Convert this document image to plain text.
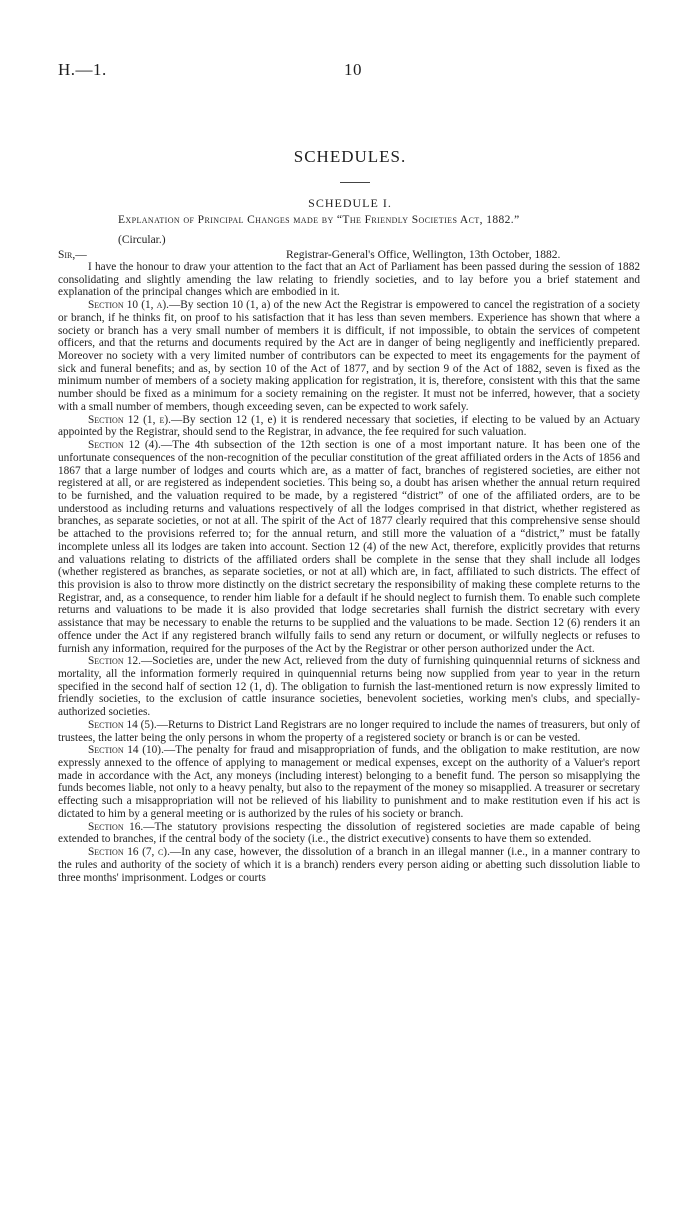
H.—1.	10
SCHEDULES.
SCHEDULE I.
Explanation of Principal Changes made by “The Friendly Societies Act, 1882.”
(Circular.)
Sir,—	Registrar-General's Office, Wellington, 13th October, 1882.

I have the honour to draw your attention to the fact that an Act of Parliament has been passed during the session of 1882 consolidating and slightly amending the law relating to friendly societies, and to lay before you a brief statement and explanation of the principal changes which are embodied in it.

Section 10 (1, a).—By section 10 (1, a) of the new Act the Registrar is empowered to cancel the registration of a society or branch, if he thinks fit, on proof to his satisfaction that it has less than seven members. Experience has shown that where a society or branch has a very small number of members it is difficult, if not impossible, to obtain the services of competent officers, and that the returns and documents required by the Act are in danger of being negligently and inefficiently prepared. Moreover no society with a very limited number of contributors can be expected to meet its engagements for the payment of sick and funeral benefits; and as, by section 10 of the Act of 1877, and by section 9 of the Act of 1882, seven is fixed as the minimum number of members of a society making application for registration, it is, therefore, consistent with this that the same number should be fixed as a minimum for a society remaining on the register. It must not be inferred, however, that a society with a small number of members, though exceeding seven, can be expected to work safely.

Section 12 (1, e).—By section 12 (1, e) it is rendered necessary that societies, if electing to be valued by an Actuary appointed by the Registrar, should send to the Registrar, in advance, the fee required for such valuation.

Section 12 (4).—The 4th subsection of the 12th section is one of a most important nature. It has been one of the unfortunate consequences of the non-recognition of the peculiar constitution of the great affiliated orders in the Acts of 1856 and 1867 that a large number of lodges and courts which are, as a matter of fact, branches of registered societies, are either not registered at all, or are registered as independent societies. This being so, a doubt has arisen whether the annual return required to be furnished, and the valuation required to be made, by a registered “district” of one of the affiliated orders, are to be understood as including returns and valuations respectively of all the lodges comprised in that district, whether registered as branches, as separate societies, or not at all. The spirit of the Act of 1877 clearly required that this comprehensive sense should be attached to the provisions referred to; for the annual return, and still more the valuation of a “district,” must be fatally incomplete unless all its lodges are taken into account. Section 12 (4) of the new Act, therefore, explicitly provides that returns and valuations relating to districts of the affiliated orders shall be complete in the sense that they shall include all lodges (whether registered as branches, as separate societies, or not at all) which are, in fact, affiliated to such districts. The effect of this provision is also to throw more distinctly on the district secretary the responsibility of making these complete returns to the Registrar, and, as a consequence, to render him liable for a default if he should neglect to furnish them. To enable such complete returns and valuations to be made it is also provided that lodge secretaries shall furnish the district secretary with every assistance that may be necessary to enable the returns to be supplied and the valuations to be made. Section 12 (6) renders it an offence under the Act if any registered branch wilfully fails to send any return or document, or wilfully neglects or refuses to furnish any information, required for the purposes of the Act by the Registrar or other person authorized under the Act.

Section 12.—Societies are, under the new Act, relieved from the duty of furnishing quinquennial returns of sickness and mortality, all the information formerly required in quinquennial returns being now supplied from year to year in the return specified in the second half of section 12 (1, d). The obligation to furnish the last-mentioned return is now expressly limited to friendly societies, to the exclusion of cattle insurance societies, benevolent societies, working men's clubs, and specially-authorized societies.

Section 14 (5).—Returns to District Land Registrars are no longer required to include the names of treasurers, but only of trustees, the latter being the only persons in whom the property of a registered society or branch is or can be vested.

Section 14 (10).—The penalty for fraud and misappropriation of funds, and the obligation to make restitution, are now expressly annexed to the offence of applying to management or medical expenses, except on the authority of a Valuer's report made in accordance with the Act, any moneys (including interest) belonging to a benefit fund. The person so misapplying the funds becomes liable, not only to a heavy penalty, but also to the repayment of the money so misapplied. A treasurer or secretary effecting such a misappropriation will not be relieved of his liability to punishment and to make restitution even if his act is dictated to him by a general meeting or is authorized by the rules of his society or branch.

Section 16.—The statutory provisions respecting the dissolution of registered societies are made capable of being extended to branches, if the central body of the society (i.e., the district executive) consents to have them so extended.

Section 16 (7, c).—In any case, however, the dissolution of a branch in an illegal manner (i.e., in a manner contrary to the rules and authority of the society of which it is a branch) renders every person aiding or abetting such dissolution liable to three months' imprisonment. Lodges or courts
